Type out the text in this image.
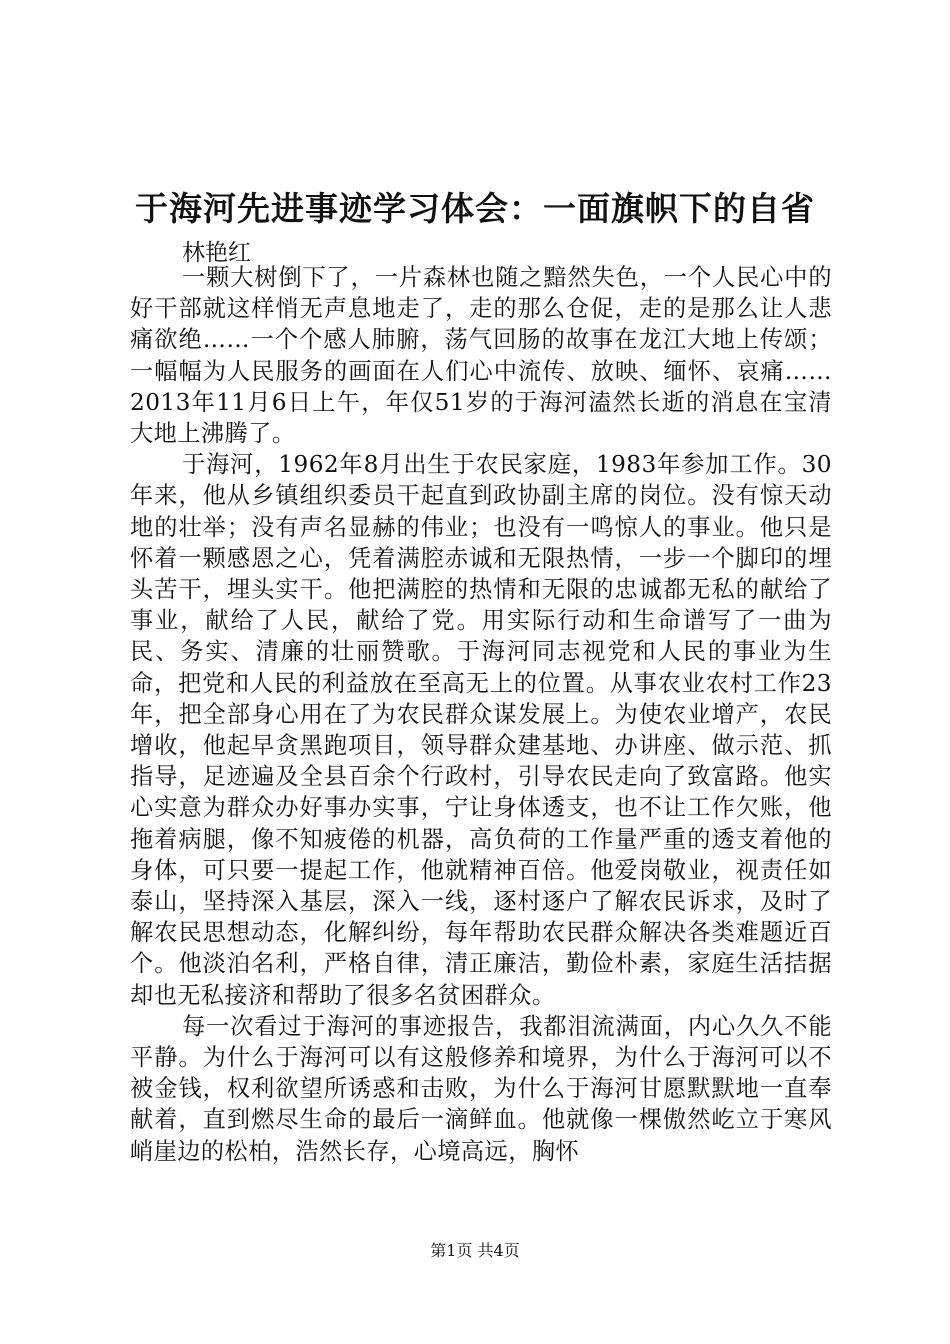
于海河先进事迹学习体会：一面旗帜下的自省

林艳红

一颗大树倒下了，一片森林也随之黯然失色，一个人民心中的好干部就这样悄无声息地走了，走的那么仓促，走的是那么让人悲痛欲绝……一个个感人肺腑，荡气回肠的故事在龙江大地上传颂；一幅幅为人民服务的画面在人们心中流传、放映、缅怀、哀痛……2013年11月6日上午，年仅51岁的于海河溘然长逝的消息在宝清大地上沸腾了。

于海河，1962年8月出生于农民家庭，1983年参加工作。30年来，他从乡镇组织委员干起直到政协副主席的岗位。没有惊天动地的壮举；没有声名显赫的伟业；也没有一鸣惊人的事业。他只是怀着一颗感恩之心，凭着满腔赤诚和无限热情，一步一个脚印的埋头苦干，埋头实干。他把满腔的热情和无限的忠诚都无私的献给了事业，献给了人民，献给了党。用实际行动和生命谱写了一曲为民、务实、清廉的壮丽赞歌。于海河同志视党和人民的事业为生命，把党和人民的利益放在至高无上的位置。从事农业农村工作23年，把全部身心用在了为农民群众谋发展上。为使农业增产，农民增收，他起早贪黑跑项目，领导群众建基地、办讲座、做示范、抓指导，足迹遍及全县百余个行政村，引导农民走向了致富路。他实心实意为群众办好事办实事，宁让身体透支，也不让工作欠账，他拖着病腿，像不知疲倦的机器，高负荷的工作量严重的透支着他的身体，可只要一提起工作，他就精神百倍。他爱岗敬业，视责任如泰山，坚持深入基层，深入一线，逐村逐户了解农民诉求，及时了解农民思想动态，化解纠纷，每年帮助农民群众解决各类难题近百个。他淡泊名利，严格自律，清正廉洁，勤俭朴素，家庭生活拮据却也无私接济和帮助了很多名贫困群众。

每一次看过于海河的事迹报告，我都泪流满面，内心久久不能平静。为什么于海河可以有这般修养和境界，为什么于海河可以不被金钱，权利欲望所诱惑和击败，为什么于海河甘愿默默地一直奉献着，直到燃尽生命的最后一滴鲜血。他就像一棵傲然屹立于寒风峭崖边的松柏，浩然长存，心境高远，胸怀

第1页 共4页
